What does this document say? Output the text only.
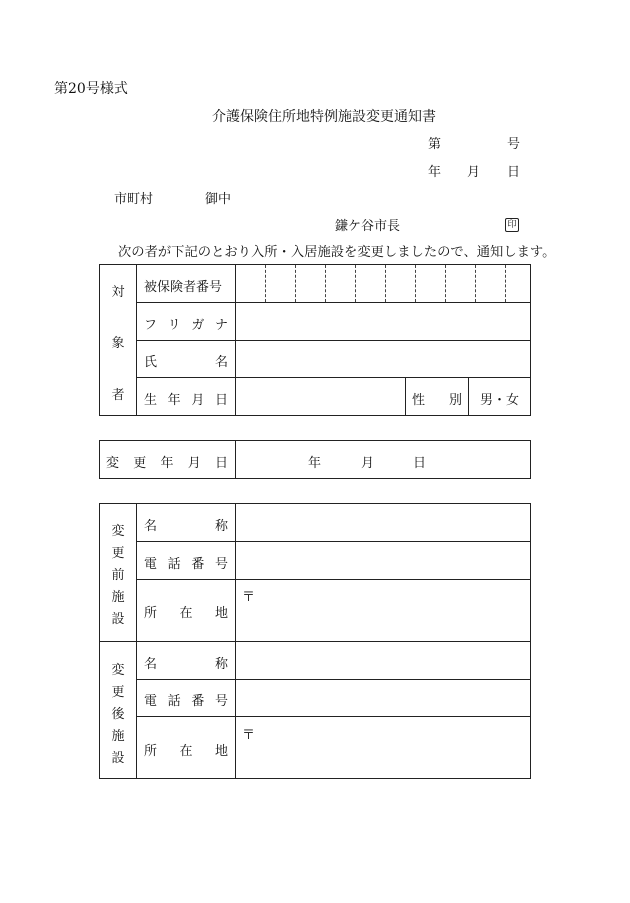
第20号様式
介護保険住所地特例施設変更通知書
第	号
年 月 日
市町村	御中
鎌ケ谷市長	印
次の者が下記のとおり入所・入居施設を変更しましたので、通知します。
対
象
者
被保険者番号
フ リ ガ ナ
氏	名
生 年 月 日	性 別 男・女
変 更 年 月 日	年	月	日
変
更
前
施
設
名	称
電 話 番 号
所 在 地
〒
変
更
後
施
設
名	称
電 話 番 号
所 在 地
〒
